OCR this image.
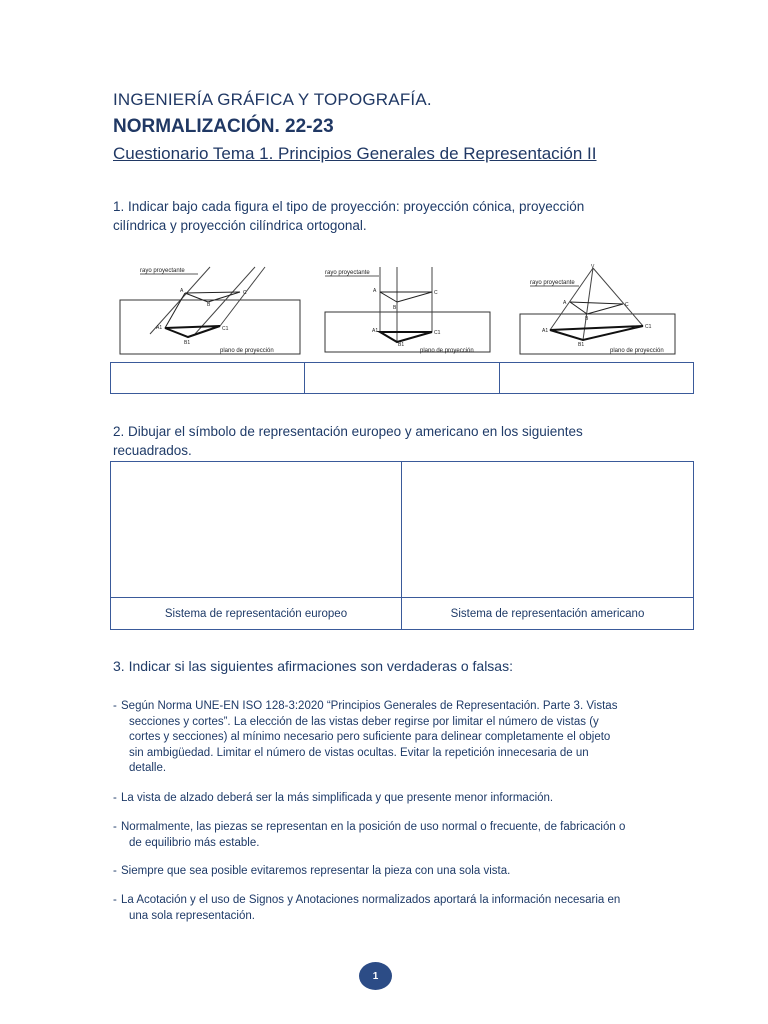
INGENIERÍA GRÁFICA Y TOPOGRAFÍA.
NORMALIZACIÓN. 22-23
Cuestionario Tema 1. Principios Generales de Representación II
1. Indicar bajo cada figura el tipo de proyección: proyección cónica, proyección
cilíndrica y proyección cilíndrica ortogonal.
rayo proyectante
plano de proyección
A
B
C
A1
B1
C1
rayo proyectante
plano de proyección
A
B
C
A1
B1
C1
rayo proyectante
plano de proyección
V
A
B
C
A1
B1
C1
2. Dibujar el símbolo de representación europeo y americano en los siguientes
recuadrados.
Sistema de representación europeo	Sistema de representación americano
3. Indicar si las siguientes afirmaciones son verdaderas o falsas:
- Según Norma UNE-EN ISO 128-3:2020 “Principios Generales de Representación. Parte 3. Vistas
secciones y cortes”. La elección de las vistas deber regirse por limitar el número de vistas (y
cortes y secciones) al mínimo necesario pero suficiente para delinear completamente el objeto
sin ambigüedad. Limitar el número de vistas ocultas. Evitar la repetición innecesaria de un
detalle.
- La vista de alzado deberá ser la más simplificada y que presente menor información.
- Normalmente, las piezas se representan en la posición de uso normal o frecuente, de fabricación o
de equilibrio más estable.
- Siempre que sea posible evitaremos representar la pieza con una sola vista.
- La Acotación y el uso de Signos y Anotaciones normalizados aportará la información necesaria en
una sola representación.
1
